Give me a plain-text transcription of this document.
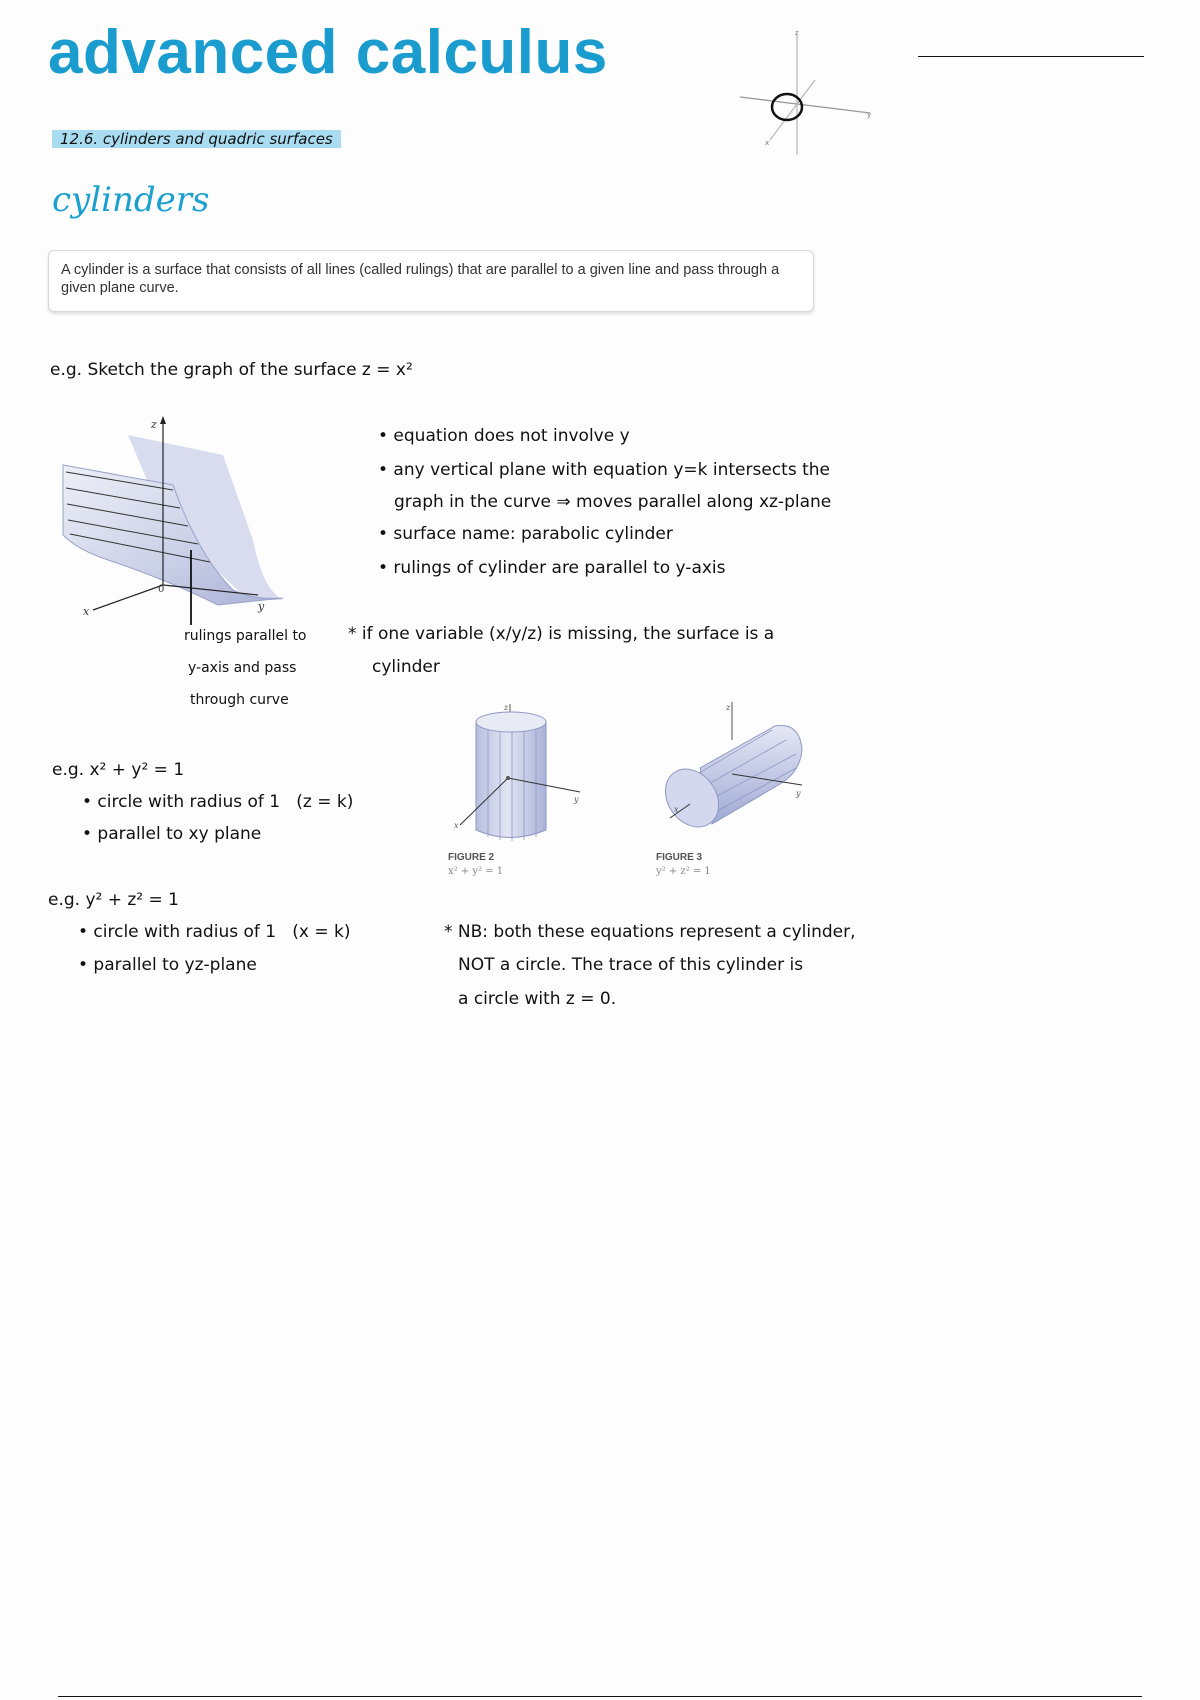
advanced calculus	z
y
x
12.6. cylinders and quadric surfaces
cylinders
A cylinder is a surface that consists of all lines (called rulings) that are parallel to a given line and pass through a given plane curve.
e.g. Sketch the graph of the surface z = x²
z
x	y
0
rulings parallel to
y-axis and pass
through curve
• equation does not involve y
• any vertical plane with equation y=k intersects the
graph in the curve ⇒ moves parallel along xz-plane
• surface name: parabolic cylinder
• rulings of cylinder are parallel to y-axis
* if one variable (x/y/z) is missing, the surface is a
cylinder
z
x
y
FIGURE 2
x² + y² = 1
z
x
y
FIGURE 3
y² + z² = 1
e.g. x² + y² = 1
• circle with radius of 1   (z = k)
• parallel to xy plane
e.g. y² + z² = 1
• circle with radius of 1   (x = k)
• parallel to yz-plane
* NB: both these equations represent a cylinder,
NOT a circle. The trace of this cylinder is
a circle with z = 0.
